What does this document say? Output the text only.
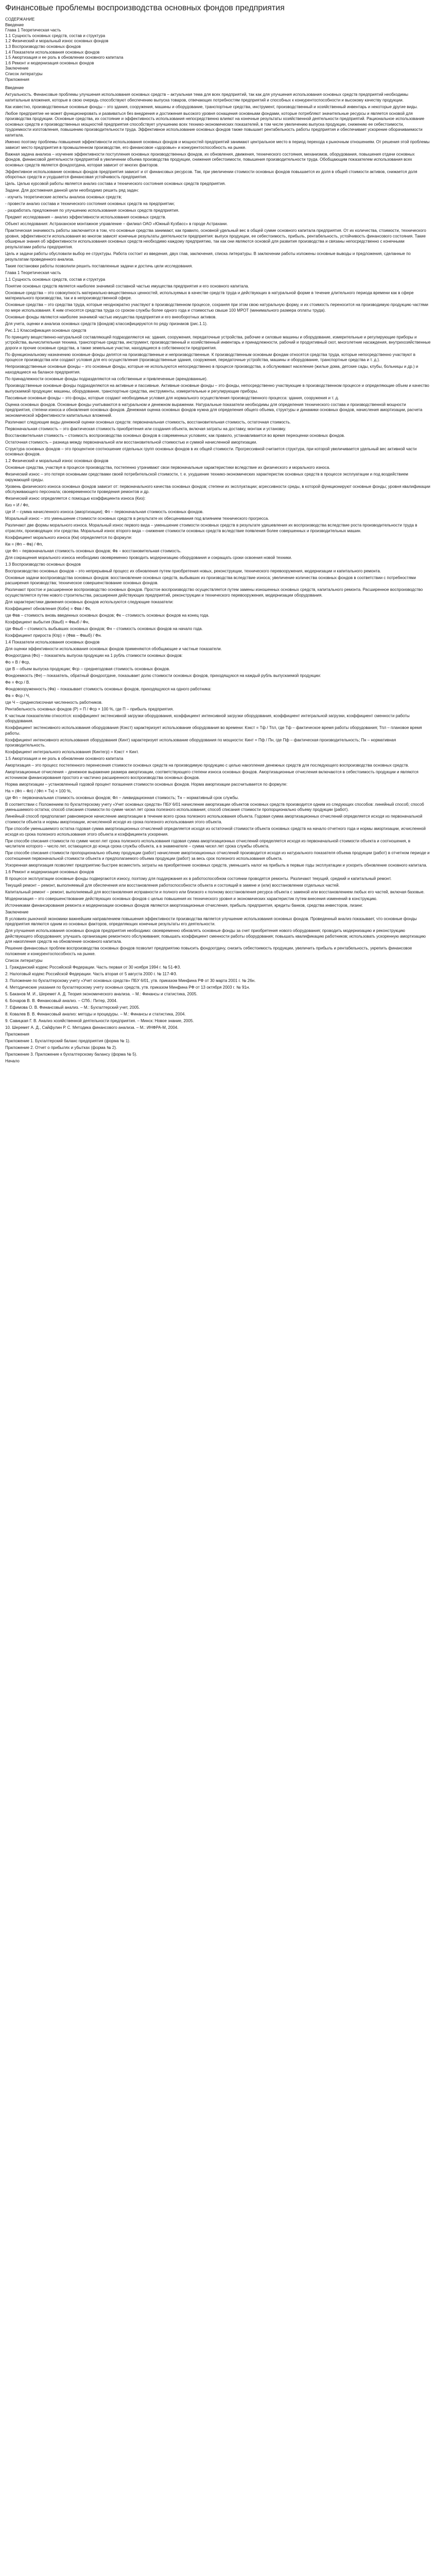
Финансовые проблемы воспроизводства основных фондов предприятия

СОДЕРЖАНИЕ

Введение

Глава 1 Теоретическая часть

1.1 Сущность основных средств, состав и структура

1.2 Физический и моральный износ основных фондов

1.3 Воспроизводство основных фондов

1.4 Показатели использования основных фондов

1.5 Амортизация и ее роль в обновлении основного капитала

1.6 Ремонт и модернизация основных фондов

Заключение

Список литературы

Приложения

Введение

Актуальность. Финансовые проблемы улучшения использования основных средств – актуальная тема для всех предприятий, так как для улучшения использования основных средств предприятий необходимы капитальные вложения, которые в свою очередь способствуют обеспечению выпуска товаров, отвечающих потребностям предприятий и способных к конкурентоспособности и высокому качеству продукции.

Как известно, производственные основные фонды – это здания, сооружения, машины и оборудование, транспортные средства, инструмент, производственный и хозяйственный инвентарь и некоторые другие виды.

Любое предприятие не может функционировать и развиваться без внедрения и достижения высокого уровня оснащения основными фондами, которые потребляют значительные ресурсы и является основой для производства продукции. Основные средства, их состояние и эффективность использования непосредственно влияют на конечные результаты хозяйственной деятельности предприятий. Рациональное использование основных средств и производственных мощностей предприятия способствует улучшению всех технико-экономических показателей, в том числе увеличению выпуска продукции, снижению ее себестоимости, трудоемкости изготовления, повышению производительности труда. Эффективное использование основных фондов также повышает рентабельность работы предприятия и обеспечивает ускорение оборачиваемости капитала.

Именно поэтому проблемы повышения эффективности использования основных фондов и мощностей предприятий занимают центральное место в период перехода к рыночным отношениям. От решения этой проблемы зависит место предприятия в промышленном производстве, его финансовое «здоровье» и конкурентоспособность на рынке.

Важная задача анализа – изучение эффективности поступления основных производственных фондов, их обновления, движения, технического состояния, механизмов, оборудования, повышения отдачи основных фондов, финансовой деятельности предприятий в увеличении объема производства продукции, снижения себестоимости, повышения производительности труда. Обобщающим показателем использования всех основных средств является фондоотдача, которая зависит от многих факторов.

Эффективное использование основных фондов предприятия зависит и от финансовых ресурсов. Так, при увеличении стоимости основных фондов повышается их доля в общей стоимости активов, снижается доля оборотных средств и ухудшается финансовая устойчивость предприятия.

Цель. Целью курсовой работы является анализ состава и технического состояния основных средств предприятия.

Задачи. Для достижения данной цели необходимо решить ряд задач:

- изучить теоретические аспекты анализа основных средств;

- провести анализ состава и технического состояния основных средств на предприятии;

- разработать предложения по улучшению использования основных средств предприятия.

Предмет исследования – анализ эффективности использования основных средств.

Объект исследования: Астраханское монтажное управление – филиал ОАО «Южный Кузбасс» в городе Астрахани.

Практическая значимость работы заключается в том, что основные средства занимают, как правило, основной удельный вес в общей сумме основного капитала предприятия. От их количества, стоимости, технического уровня, эффективности использования во многом зависят конечные результаты деятельности предприятия: выпуск продукции, ее себестоимость, прибыль, рентабельность, устойчивость финансового состояния. Такие обширные знания об эффективности использования основных средств необходимо каждому предприятию, так как они являются основой для развития производства и связаны непосредственно с конечными результатами работы предприятия.

Цель и задачи работы обусловили выбор ее структуры. Работа состоит из введения, двух глав, заключения, списка литературы. В заключении работы изложены основные выводы и предложения, сделанные по результатам проведенного анализа.

Такие постановки работы позволили решить поставленные задачи и достичь цели исследования.

Глава 1 Теоретическая часть

1.1 Сущность основных средств, состав и структура

Понятие основных средств является наиболее значимой составной частью имущества предприятия и его основного капитала.

Основные средства – это совокупность материально-вещественных ценностей, используемых в качестве средств труда и действующих в натуральной форме в течение длительного периода времени как в сфере материального производства, так и в непроизводственной сфере.

Основные средства – это средства труда, которые неоднократно участвуют в производственном процессе, сохраняя при этом свою натуральную форму, и их стоимость переносится на производимую продукцию частями по мере использования. К ним относятся средства труда со сроком службы более одного года и стоимостью свыше 100 МРОТ (минимального размера оплаты труда).

Основные фонды являются наиболее значимой частью имущества предприятия и его внеоборотных активов.

Для учета, оценки и анализа основных средств (фондов) классифицируются по ряду признаков (рис.1.1).

Рис.1.1 Классификация основных средств

По принципу вещественно-натуральной составляющей подразделяются на: здания, сооружения, передаточные устройства, рабочие и силовые машины и оборудование, измерительные и регулирующие приборы и устройства, вычислительная техника, транспортные средства, инструмент, производственный и хозяйственный инвентарь и принадлежности, рабочий и продуктивный скот, многолетние насаждения, внутрихозяйственные дороги и прочие основные средства, а также земельные участки, находящиеся в собственности предприятия.

По функциональному назначению основные фонды делятся на производственные и непроизводственные. К производственным основным фондам относятся средства труда, которые непосредственно участвуют в процессе производства или создают условия для его осуществления (производственные здания, сооружения, передаточные устройства, машины и оборудование, транспортные средства и т. д.).

Непроизводственные основные фонды – это основные фонды, которые не используются непосредственно в процессе производства, а обслуживают население (жилые дома, детские сады, клубы, больницы и др.) и находящиеся на балансе предприятия.

По принадлежности основные фонды подразделяются на собственные и привлеченные (арендованные).

Производственные основные фонды подразделяются на активные и пассивные. Активные основные фонды – это фонды, непосредственно участвующие в производственном процессе и определяющие объем и качество выпускаемой продукции: машины, оборудование, транспортные средства, инструменты, измерительные и регулирующие приборы.

Пассивные основные фонды – это фонды, которые создают необходимые условия для нормального осуществления производственного процесса: здания, сооружения и т. д.

Оценка основных фондов. Основные фонды учитываются в натуральном и денежном выражении. Натуральные показатели необходимы для определения технического состава и производственной мощности предприятия, степени износа и обновления основных фондов. Денежная оценка основных фондов нужна для определения общего объема, структуры и динамики основных фондов, начисления амортизации, расчета экономической эффективности капитальных вложений.

Различают следующие виды денежной оценки основных средств: первоначальная стоимость, восстановительная стоимость, остаточная стоимость.

Первоначальная стоимость – это фактическая стоимость приобретения или создания объекта, включая затраты на доставку, монтаж и установку.

Восстановительная стоимость – стоимость воспроизводства основных фондов в современных условиях; как правило, устанавливается во время переоценки основных фондов.

Остаточная стоимость – разница между первоначальной или восстановительной стоимостью и суммой начисленной амортизации.

Структура основных фондов – это процентное соотношение отдельных групп основных фондов в их общей стоимости. Прогрессивной считается структура, при которой увеличивается удельный вес активной части основных фондов.

1.2 Физический и моральный износ основных фондов

Основные средства, участвуя в процессе производства, постепенно утрачивают свои первоначальные характеристики вследствие их физического и морального износа.

Физический износ – это потеря основными средствами своей потребительской стоимости, т. е. ухудшение технико-экономических характеристик основных средств в процессе эксплуатации и под воздействием окружающей среды.

Уровень физического износа основных фондов зависит от: первоначального качества основных фондов; степени их эксплуатации; агрессивности среды, в которой функционируют основные фонды; уровня квалификации обслуживающего персонала; своевременности проведения ремонтов и др.

Физический износ определяется с помощью коэффициента износа (Киз):

Киз = И / Фп,

где И – сумма начисленного износа (амортизации); Фп – первоначальная стоимость основных фондов.

Моральный износ – это уменьшение стоимости основных средств в результате их обесценивания под влиянием технического прогресса.

Различают две формы морального износа. Моральный износ первого вида – уменьшение стоимости основных средств в результате удешевления их воспроизводства вследствие роста производительности труда в отраслях, производящих эти средства. Моральный износ второго вида – снижение стоимости основных средств вследствие появления более совершенных и производительных машин.

Коэффициент морального износа (Км) определяется по формуле:

Км = (Фп – Фв) / Фп,

где Фп – первоначальная стоимость основных фондов; Фв – восстановительная стоимость.

Для сокращения морального износа необходимо своевременно проводить модернизацию оборудования и сокращать сроки освоения новой техники.

1.3 Воспроизводство основных фондов

Воспроизводство основных фондов – это непрерывный процесс их обновления путем приобретения новых, реконструкции, технического перевооружения, модернизации и капитального ремонта.

Основные задачи воспроизводства основных фондов: восстановление основных средств, выбывших из производства вследствие износа; увеличение количества основных фондов в соответствии с потребностями расширения производства; техническое совершенствование основных фондов.

Различают простое и расширенное воспроизводство основных фондов. Простое воспроизводство осуществляется путем замены изношенных основных средств, капитального ремонта. Расширенное воспроизводство осуществляется путем нового строительства, расширения действующих предприятий, реконструкции и технического перевооружения, модернизации оборудования.

Для характеристики движения основных фондов используются следующие показатели:

Коэффициент обновления (Кобн) = Фвв / Фк,

где Фвв – стоимость вновь введенных основных фондов; Фк – стоимость основных фондов на конец года.

Коэффициент выбытия (Квыб) = Фвыб / Фн,

где Фвыб – стоимость выбывших основных фондов; Фн – стоимость основных фондов на начало года.

Коэффициент прироста (Кпр) = (Фвв – Фвыб) / Фн.

1.4 Показатели использования основных фондов

Для оценки эффективности использования основных фондов применяются обобщающие и частные показатели.

Фондоотдача (Фо) – показатель выпуска продукции на 1 рубль стоимости основных фондов:

Фо = В / Фср,

где В – объем выпуска продукции; Фср – среднегодовая стоимость основных фондов.

Фондоемкость (Фе) – показатель, обратный фондоотдаче, показывает долю стоимости основных фондов, приходящуюся на каждый рубль выпускаемой продукции:

Фе = Фср / В.

Фондовооруженность (Фв) – показывает стоимость основных фондов, приходящуюся на одного работника:

Фв = Фср / Ч,

где Ч – среднесписочная численность работников.

Рентабельность основных фондов (Р) = П / Фср × 100 %, где П – прибыль предприятия.

К частным показателям относятся: коэффициент экстенсивной загрузки оборудования, коэффициент интенсивной загрузки оборудования, коэффициент интегральной загрузки, коэффициент сменности работы оборудования.

Коэффициент экстенсивного использования оборудования (Кэкст) характеризует использование оборудования во времени: Кэкст = Тф / Тпл, где Тф – фактическое время работы оборудования; Тпл – плановое время работы.

Коэффициент интенсивного использования оборудования (Кинт) характеризует использование оборудования по мощности: Кинт = Пф / Пн, где Пф – фактическая производительность; Пн – нормативная производительность.

Коэффициент интегрального использования (Кинтегр) = Кэкст × Кинт.

1.5 Амортизация и ее роль в обновлении основного капитала

Амортизация – это процесс постепенного перенесения стоимости основных средств на производимую продукцию с целью накопления денежных средств для последующего воспроизводства основных средств.

Амортизационные отчисления – денежное выражение размера амортизации, соответствующего степени износа основных фондов. Амортизационные отчисления включаются в себестоимость продукции и являются источником финансирования простого и частично расширенного воспроизводства основных фондов.

Норма амортизации – установленный годовой процент погашения стоимости основных фондов. Норма амортизации рассчитывается по формуле:

На = (Фп – Фл) / (Фп × Тн) × 100 %,

где Фп – первоначальная стоимость основных фондов; Фл – ликвидационная стоимость; Тн – нормативный срок службы.

В соответствии с Положением по бухгалтерскому учету «Учет основных средств» ПБУ 6/01 начисление амортизации объектов основных средств производится одним из следующих способов: линейный способ; способ уменьшаемого остатка; способ списания стоимости по сумме чисел лет срока полезного использования; способ списания стоимости пропорционально объему продукции (работ).

Линейный способ предполагает равномерное начисление амортизации в течение всего срока полезного использования объекта. Годовая сумма амортизационных отчислений определяется исходя из первоначальной стоимости объекта и нормы амортизации, исчисленной исходя из срока полезного использования этого объекта.

При способе уменьшаемого остатка годовая сумма амортизационных отчислений определяется исходя из остаточной стоимости объекта основных средств на начало отчетного года и нормы амортизации, исчисленной исходя из срока полезного использования этого объекта и коэффициента ускорения.

При способе списания стоимости по сумме чисел лет срока полезного использования годовая сумма амортизационных отчислений определяется исходя из первоначальной стоимости объекта и соотношения, в числителе которого – число лет, остающихся до конца срока службы объекта, а в знаменателе – сумма чисел лет срока службы объекта.

При способе списания стоимости пропорционально объему продукции (работ) начисление амортизационных отчислений производится исходя из натурального показателя объема продукции (работ) в отчетном периоде и соотношения первоначальной стоимости объекта и предполагаемого объема продукции (работ) за весь срок полезного использования объекта.

Ускоренная амортизация позволяет предприятию быстрее возместить затраты на приобретение основных средств, уменьшить налог на прибыль в первые годы эксплуатации и ускорить обновление основного капитала.

1.6 Ремонт и модернизация основных фондов

В процессе эксплуатации основные фонды подвергаются износу, поэтому для поддержания их в работоспособном состоянии проводятся ремонты. Различают текущий, средний и капитальный ремонт.

Текущий ремонт – ремонт, выполняемый для обеспечения или восстановления работоспособности объекта и состоящий в замене и (или) восстановлении отдельных частей.

Капитальный ремонт – ремонт, выполняемый для восстановления исправности и полного или близкого к полному восстановления ресурса объекта с заменой или восстановлением любых его частей, включая базовые.

Модернизация – это совершенствование действующих основных фондов с целью повышения их технического уровня и экономических характеристик путем внесения изменений в конструкцию.

Источниками финансирования ремонта и модернизации основных фондов являются амортизационные отчисления, прибыль предприятия, кредиты банков, средства инвесторов, лизинг.

Заключение

В условиях рыночной экономики важнейшим направлением повышения эффективности производства является улучшение использования основных фондов. Проведенный анализ показывает, что основные фонды предприятия являются одним из основных факторов, определяющих конечные результаты его деятельности.

Для улучшения использования основных фондов предприятия необходимо: своевременно обновлять основные фонды за счет приобретения нового оборудования; проводить модернизацию и реконструкцию действующего оборудования; улучшать организацию ремонтного обслуживания; повышать коэффициент сменности работы оборудования; повышать квалификацию работников; использовать ускоренную амортизацию для накопления средств на обновление основного капитала.

Решение финансовых проблем воспроизводства основных фондов позволит предприятию повысить фондоотдачу, снизить себестоимость продукции, увеличить прибыль и рентабельность, укрепить финансовое положение и конкурентоспособность на рынке.

Список литературы

1. Гражданский кодекс Российской Федерации. Часть первая от 30 ноября 1994 г. № 51-ФЗ.

2. Налоговый кодекс Российской Федерации. Часть вторая от 5 августа 2000 г. № 117-ФЗ.

3. Положение по бухгалтерскому учету «Учет основных средств» ПБУ 6/01, утв. приказом Минфина РФ от 30 марта 2001 г. № 26н.

4. Методические указания по бухгалтерскому учету основных средств, утв. приказом Минфина РФ от 13 октября 2003 г. № 91н.

5. Баканов М. И., Шеремет А. Д. Теория экономического анализа. – М.: Финансы и статистика, 2005.

6. Бочаров В. В. Финансовый анализ. – СПб.: Питер, 2004.

7. Ефимова О. В. Финансовый анализ. – М.: Бухгалтерский учет, 2005.

8. Ковалев В. В. Финансовый анализ: методы и процедуры. – М.: Финансы и статистика, 2004.

9. Савицкая Г. В. Анализ хозяйственной деятельности предприятия. – Минск: Новое знание, 2005.

10. Шеремет А. Д., Сайфулин Р. С. Методика финансового анализа. – М.: ИНФРА-М, 2004.

Приложения

Приложение 1. Бухгалтерский баланс предприятия (форма № 1).

Приложение 2. Отчет о прибылях и убытках (форма № 2).

Приложение 3. Приложение к бухгалтерскому балансу (форма № 5).

Начало
